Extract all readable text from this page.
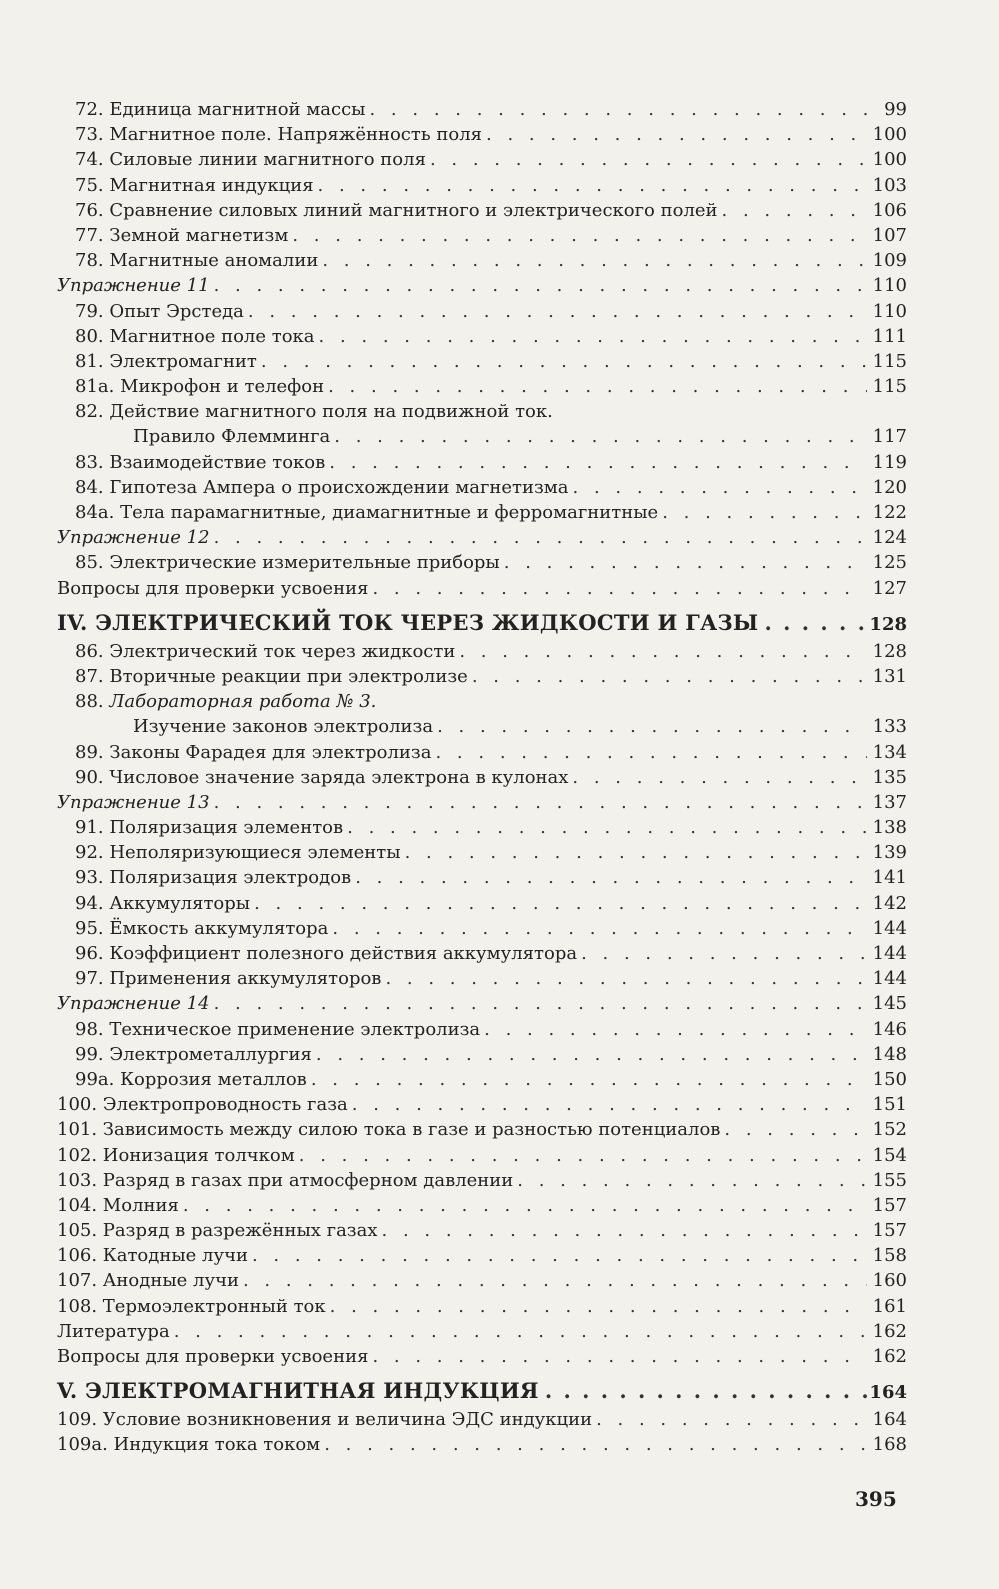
72. Единица магнитной массы . . .	99
73. Магнитное поле. Напряжённость поля . . .	100
74. Силовые линии магнитного поля . . .	100
75. Магнитная индукция . . .	103
76. Сравнение силовых линий магнитного и электрического полей . . .	106
77. Земной магнетизм . . .	107
78. Магнитные аномалии . . .	109
Упражнение 11 . . .	110
79. Опыт Эрстеда . . .	110
80. Магнитное поле тока . . .	111
81. Электромагнит . . .	115
81а. Микрофон и телефон . . .	115
82. Действие магнитного поля на подвижной ток.
Правило Флемминга . . .	117
83. Взаимодействие токов . . .	119
84. Гипотеза Ампера о происхождении магнетизма . . .	120
84а. Тела парамагнитные, диамагнитные и ферромагнитные . . .	122
Упражнение 12 . . .	124
85. Электрические измерительные приборы . . .	125
Вопросы для проверки усвоения . . .	127
IV. ЭЛЕКТРИЧЕСКИЙ ТОК ЧЕРЕЗ ЖИДКОСТИ И ГАЗЫ . . .	128
86. Электрический ток через жидкости . . .	128
87. Вторичные реакции при электролизе . . .	131
88. Лабораторная работа № 3.
Изучение законов электролиза . . .	133
89. Законы Фарадея для электролиза . . .	134
90. Числовое значение заряда электрона в кулонах . . .	135
Упражнение 13 . . .	137
91. Поляризация элементов . . .	138
92. Неполяризующиеся элементы . . .	139
93. Поляризация электродов . . .	141
94. Аккумуляторы . . .	142
95. Ёмкость аккумулятора . . .	144
96. Коэффициент полезного действия аккумулятора . . .	144
97. Применения аккумуляторов . . .	144
Упражнение 14 . . .	145
98. Техническое применение электролиза . . .	146
99. Электрометаллургия . . .	148
99а. Коррозия металлов . . .	150
100. Электропроводность газа . . .	151
101. Зависимость между силою тока в газе и разностью потенциалов . . .	152
102. Ионизация толчком . . .	154
103. Разряд в газах при атмосферном давлении . . .	155
104. Молния . . .	157
105. Разряд в разрежённых газах . . .	157
106. Катодные лучи . . .	158
107. Анодные лучи . . .	160
108. Термоэлектронный ток . . .	161
Литература . . .	162
Вопросы для проверки усвоения . . .	162
V. ЭЛЕКТРОМАГНИТНАЯ ИНДУКЦИЯ . . .	164
109. Условие возникновения и величина ЭДС индукции . . .	164
109а. Индукция тока током . . .	168
395
